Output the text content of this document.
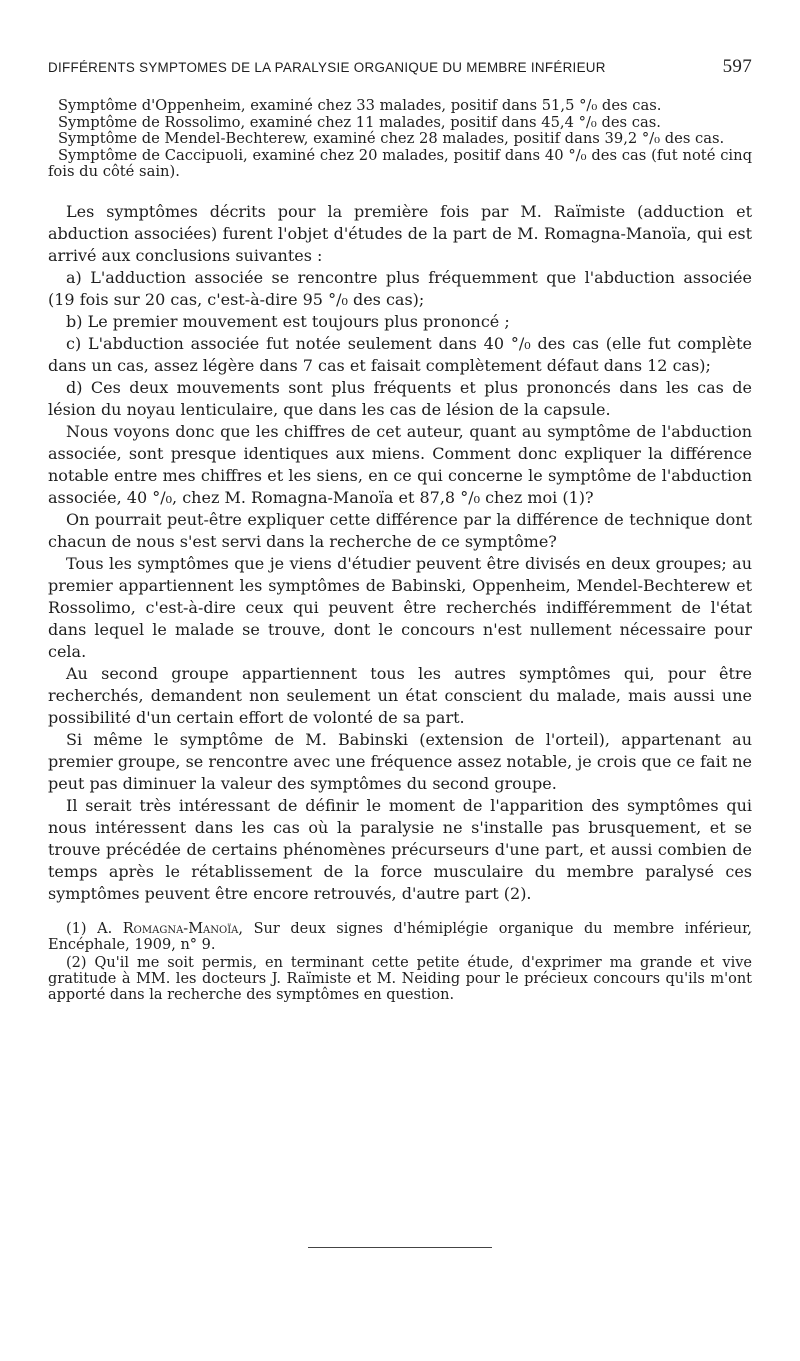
DIFFÉRENTS SYMPTOMES DE LA PARALYSIE ORGANIQUE DU MEMBRE INFÉRIEUR	597

Symptôme d'Oppenheim, examiné chez 33 malades, positif dans 51,5 °/₀ des cas.

Symptôme de Rossolimo, examiné chez 11 malades, positif dans 45,4 °/₀ des cas.

Symptôme de Mendel-Bechterew, examiné chez 28 malades, positif dans 39,2 °/₀ des cas.

Symptôme de Caccipuoli, examiné chez 20 malades, positif dans 40 °/₀ des cas (fut noté cinq fois du côté sain).

Les symptômes décrits pour la première fois par M. Raïmiste (adduction et abduction associées) furent l'objet d'études de la part de M. Romagna-Manoïa, qui est arrivé aux conclusions suivantes :

a) L'adduction associée se rencontre plus fréquemment que l'abduction associée (19 fois sur 20 cas, c'est-à-dire 95 °/₀ des cas);

b) Le premier mouvement est toujours plus prononcé ;

c) L'abduction associée fut notée seulement dans 40 °/₀ des cas (elle fut complète dans un cas, assez légère dans 7 cas et faisait complètement défaut dans 12 cas);

d) Ces deux mouvements sont plus fréquents et plus prononcés dans les cas de lésion du noyau lenticulaire, que dans les cas de lésion de la capsule.

Nous voyons donc que les chiffres de cet auteur, quant au symptôme de l'abduction associée, sont presque identiques aux miens. Comment donc expliquer la différence notable entre mes chiffres et les siens, en ce qui concerne le symptôme de l'abduction associée, 40 °/₀, chez M. Romagna-Manoïa et 87,8 °/₀ chez moi (1)?

On pourrait peut-être expliquer cette différence par la différence de technique dont chacun de nous s'est servi dans la recherche de ce symptôme?

Tous les symptômes que je viens d'étudier peuvent être divisés en deux groupes; au premier appartiennent les symptômes de Babinski, Oppenheim, Mendel-Bechterew et Rossolimo, c'est-à-dire ceux qui peuvent être recherchés indifféremment de l'état dans lequel le malade se trouve, dont le concours n'est nullement nécessaire pour cela.

Au second groupe appartiennent tous les autres symptômes qui, pour être recherchés, demandent non seulement un état conscient du malade, mais aussi une possibilité d'un certain effort de volonté de sa part.

Si même le symptôme de M. Babinski (extension de l'orteil), appartenant au premier groupe, se rencontre avec une fréquence assez notable, je crois que ce fait ne peut pas diminuer la valeur des symptômes du second groupe.

Il serait très intéressant de définir le moment de l'apparition des symptômes qui nous intéressent dans les cas où la paralysie ne s'installe pas brusquement, et se trouve précédée de certains phénomènes précurseurs d'une part, et aussi combien de temps après le rétablissement de la force musculaire du membre paralysé ces symptômes peuvent être encore retrouvés, d'autre part (2).

(1) A. Romagna-Manoïa, Sur deux signes d'hémiplégie organique du membre inférieur, Encéphale, 1909, n° 9.

(2) Qu'il me soit permis, en terminant cette petite étude, d'exprimer ma grande et vive gratitude à MM. les docteurs J. Raïmiste et M. Neiding pour le précieux concours qu'ils m'ont apporté dans la recherche des symptômes en question.
